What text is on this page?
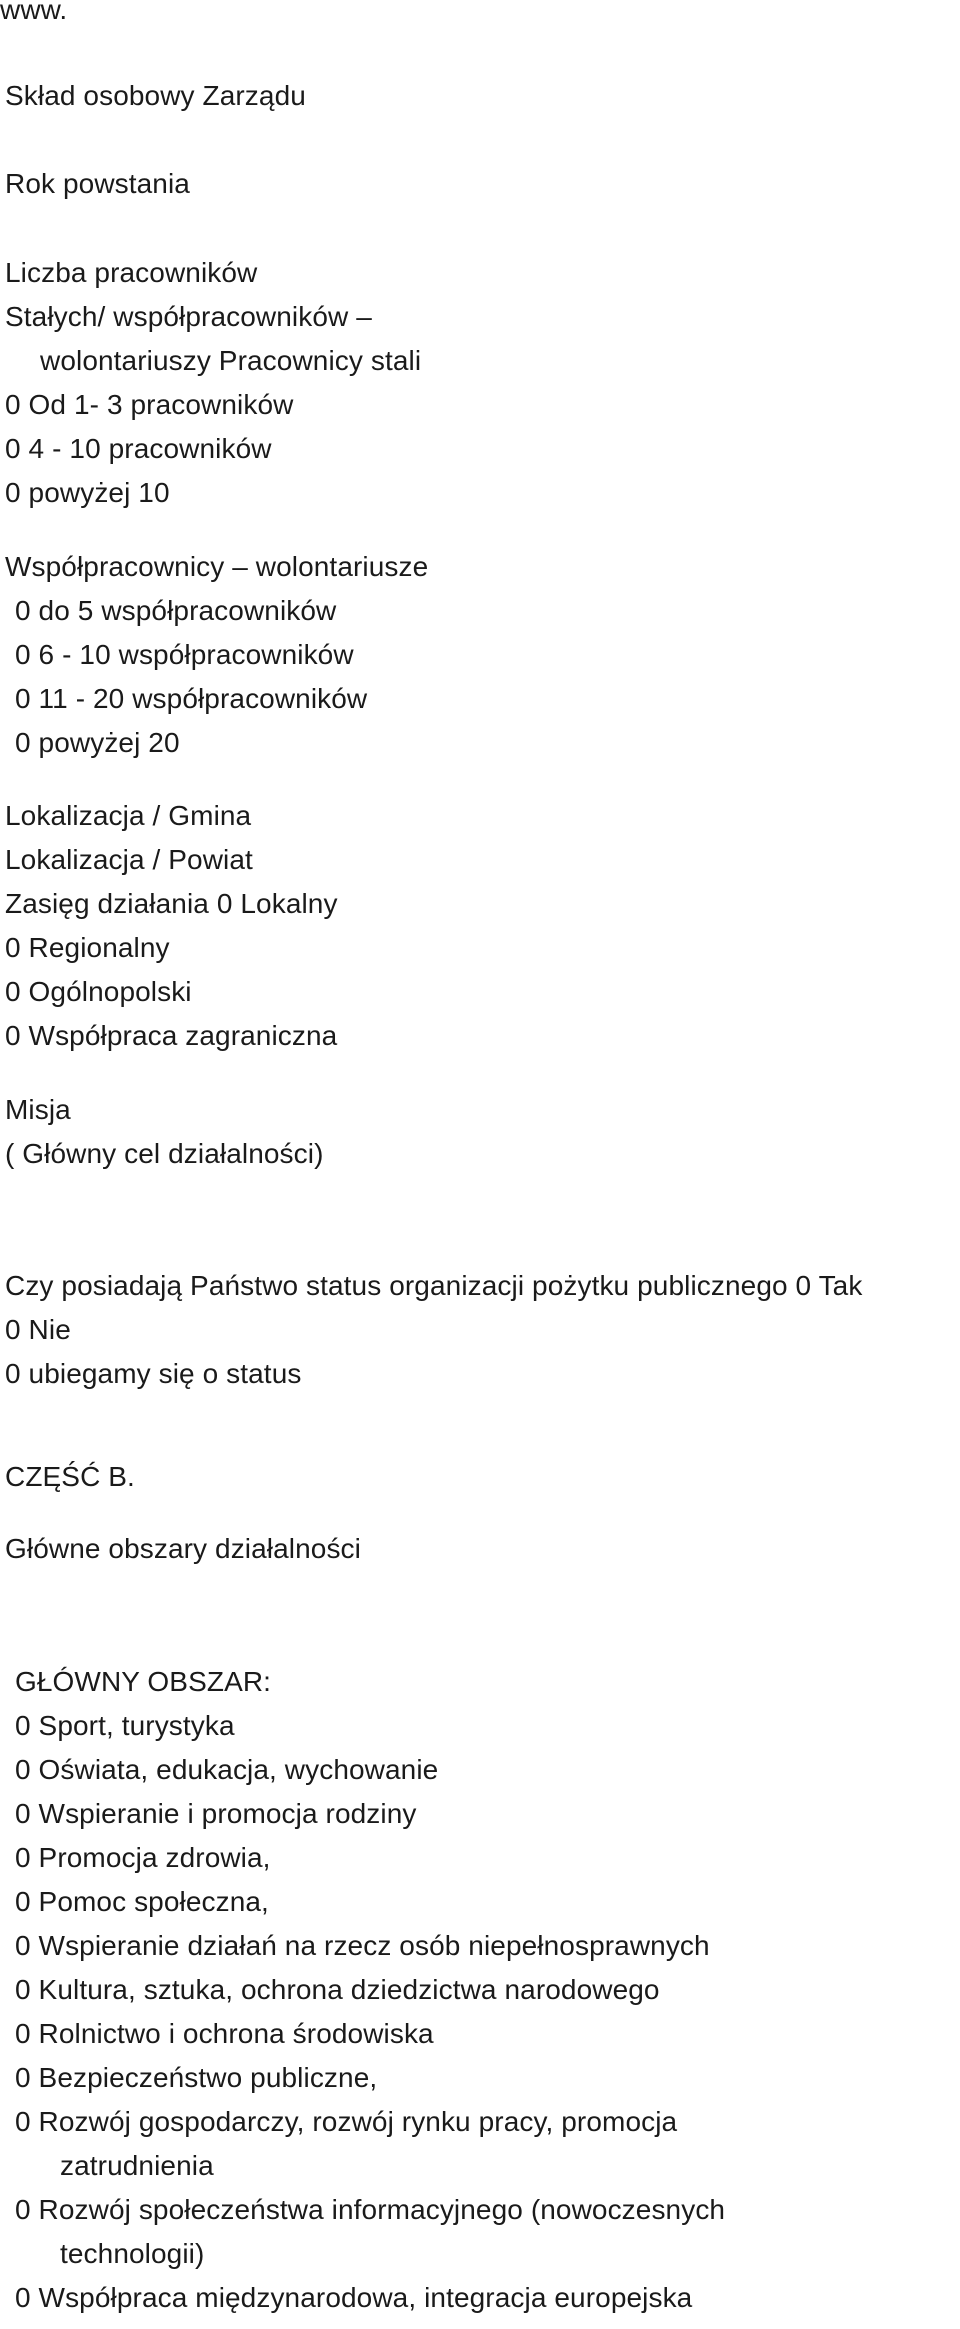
www.
Skład osobowy Zarządu
Rok powstania
Liczba pracowników
Stałych/ współpracowników –
wolontariuszy Pracownicy stali
0 Od 1- 3 pracowników
0 4 - 10 pracowników
0 powyżej 10
Współpracownicy – wolontariusze
0 do 5 współpracowników
0 6 - 10 współpracowników
0 11 - 20 współpracowników
0 powyżej 20
Lokalizacja / Gmina
Lokalizacja / Powiat
Zasięg działania 0 Lokalny
0 Regionalny
0 Ogólnopolski
0 Współpraca zagraniczna
Misja
( Główny cel działalności)
Czy posiadają Państwo status organizacji pożytku publicznego 0 Tak
0 Nie
0 ubiegamy się o status
CZĘŚĆ B.
Główne obszary działalności
GŁÓWNY OBSZAR:
0 Sport, turystyka
0 Oświata, edukacja, wychowanie
0 Wspieranie i promocja rodziny
0 Promocja zdrowia,
0 Pomoc społeczna,
0 Wspieranie działań na rzecz osób niepełnosprawnych
0 Kultura, sztuka, ochrona dziedzictwa narodowego
0 Rolnictwo i ochrona środowiska
0 Bezpieczeństwo publiczne,
0 Rozwój gospodarczy, rozwój rynku pracy, promocja
zatrudnienia
0 Rozwój społeczeństwa informacyjnego (nowoczesnych
technologii)
0 Współpraca międzynarodowa, integracja europejska
